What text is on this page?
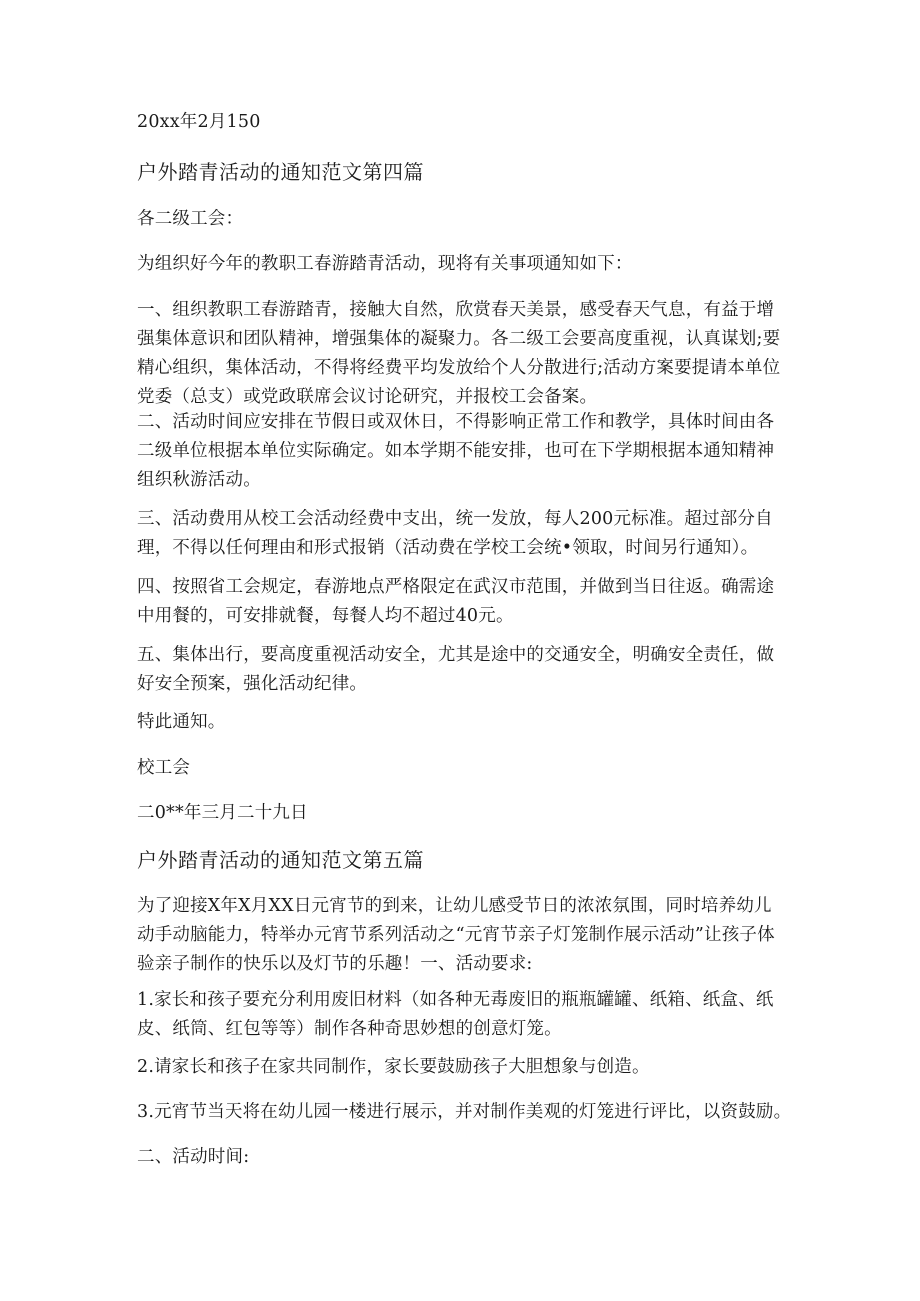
20xx年2月150

户外踏青活动的通知范文第四篇

各二级工会：

为组织好今年的教职工春游踏青活动，现将有关事项通知如下：

一、组织教职工春游踏青，接触大自然，欣赏春天美景，感受春天气息，有益于增强集体意识和团队精神，增强集体的凝聚力。各二级工会要高度重视，认真谋划;要精心组织，集体活动，不得将经费平均发放给个人分散进行;活动方案要提请本单位党委（总支）或党政联席会议讨论研究，并报校工会备案。

二、活动时间应安排在节假日或双休日，不得影响正常工作和教学，具体时间由各二级单位根据本单位实际确定。如本学期不能安排，也可在下学期根据本通知精神组织秋游活动。

三、活动费用从校工会活动经费中支出，统一发放，每人200元标准。超过部分自理，不得以任何理由和形式报销（活动费在学校工会统•领取，时间另行通知）。

四、按照省工会规定，春游地点严格限定在武汉市范围，并做到当日往返。确需途中用餐的，可安排就餐，每餐人均不超过40元。

五、集体出行，要高度重视活动安全，尤其是途中的交通安全，明确安全责任，做好安全预案，强化活动纪律。

特此通知。

校工会

二0**年三月二十九日

户外踏青活动的通知范文第五篇

为了迎接X年X月XX日元宵节的到来，让幼儿感受节日的浓浓氛围，同时培养幼儿动手动脑能力，特举办元宵节系列活动之“元宵节亲子灯笼制作展示活动”让孩子体验亲子制作的快乐以及灯节的乐趣！一、活动要求:

1.家长和孩子要充分利用废旧材料（如各种无毒废旧的瓶瓶罐罐、纸箱、纸盒、纸皮、纸筒、红包等等）制作各种奇思妙想的创意灯笼。

2.请家长和孩子在家共同制作，家长要鼓励孩子大胆想象与创造。

3.元宵节当天将在幼儿园一楼进行展示，并对制作美观的灯笼进行评比，以资鼓励。

二、活动时间:
